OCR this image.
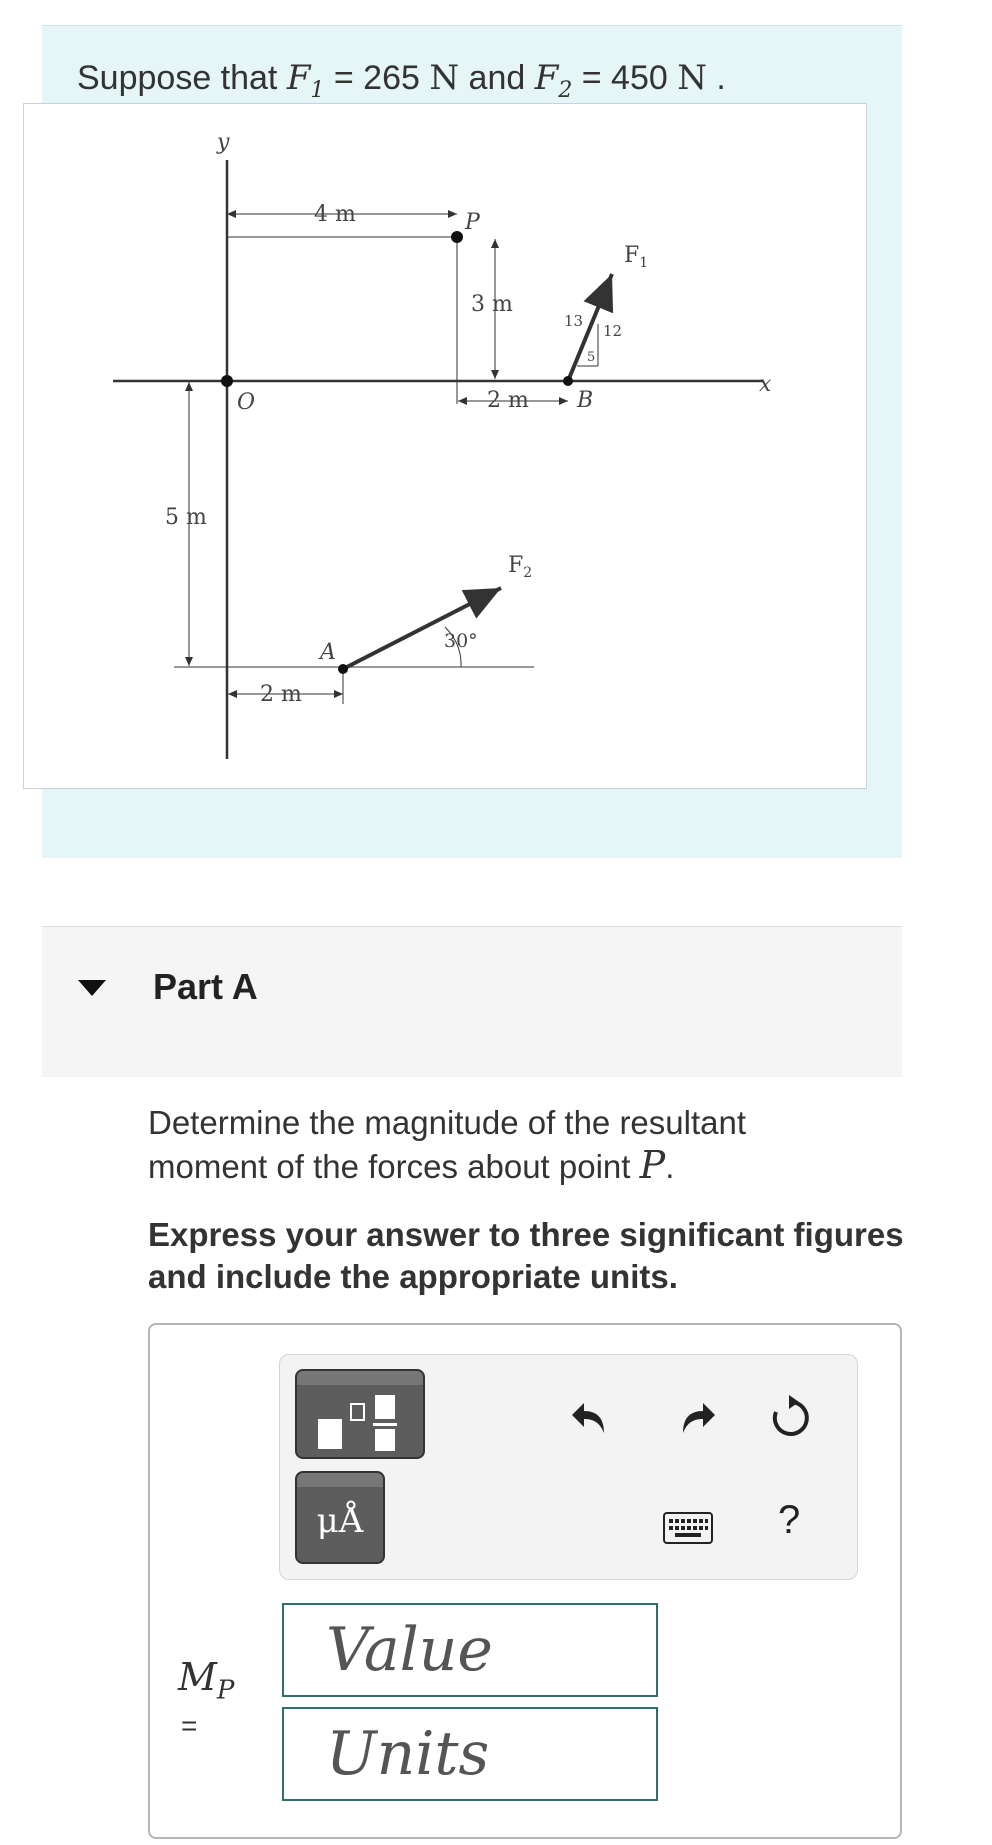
Suppose that $F_1 = 265$ N and $F_2 = 450$ N .
y
x
O
P
A
B
4 m
3 m
2 m
5 m
2 m
$F_1$
$F_2$
13
12
5
30°
Part A
Determine the magnitude of the resultant moment of the forces about point P.
Express your answer to three significant figures and include the appropriate units.
μÅ	?
$M_P$
=
Value
Units
